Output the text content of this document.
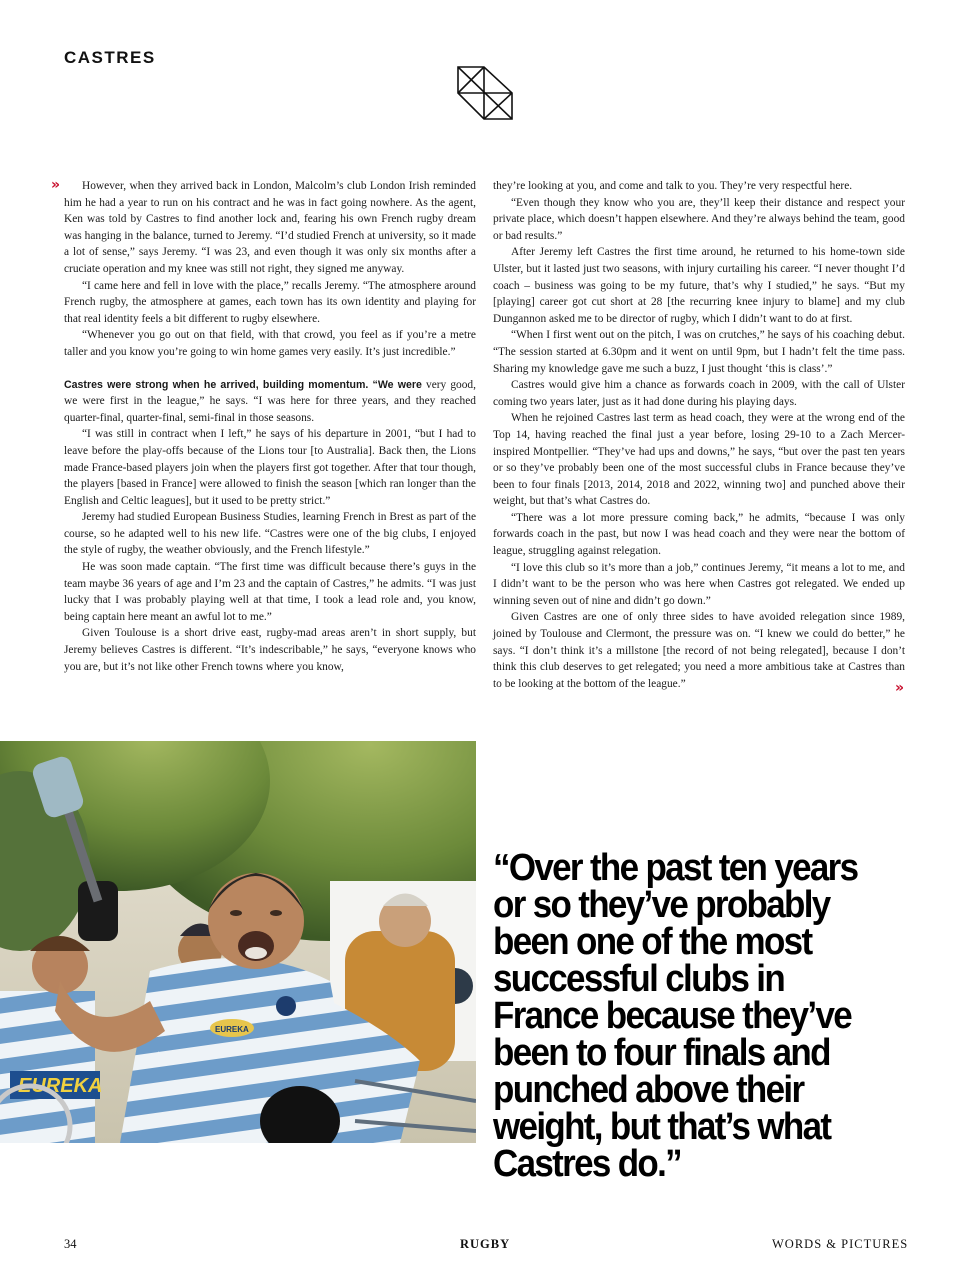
CASTRES
»	However, when they arrived back in London, Malcolm’s club London Irish reminded him he had a year to run on his contract and he was in fact going nowhere. As the agent, Ken was told by Castres to find another lock and, fearing his own French rugby dream was hanging in the balance, turned to Jeremy. “I’d studied French at university, so it made a lot of sense,” says Jeremy. “I was 23, and even though it was only six months after a cruciate operation and my knee was still not right, they signed me anyway.

“I came here and fell in love with the place,” recalls Jeremy. “The atmosphere around French rugby, the atmosphere at games, each town has its own identity and playing for that real identity feels a bit different to rugby elsewhere.

“Whenever you go out on that field, with that crowd, you feel as if you’re a metre taller and you know you’re going to win home games very easily. It’s just incredible.”

Castres were strong when he arrived, building momentum. “We were very good, we were first in the league,” he says. “I was here for three years, and they reached quarter-final, quarter-final, semi-final in those seasons.

“I was still in contract when I left,” he says of his departure in 2001, “but I had to leave before the play-offs because of the Lions tour [to Australia]. Back then, the Lions made France-based players join when the players first got together. After that tour though, the players [based in France] were allowed to finish the season [which ran longer than the English and Celtic leagues], but it used to be pretty strict.”

Jeremy had studied European Business Studies, learning French in Brest as part of the course, so he adapted well to his new life. “Castres were one of the big clubs, I enjoyed the style of rugby, the weather obviously, and the French lifestyle.”

He was soon made captain. “The first time was difficult because there’s guys in the team maybe 36 years of age and I’m 23 and the captain of Castres,” he admits. “I was just lucky that I was probably playing well at that time, I took a lead role and, you know, being captain here meant an awful lot to me.”

Given Toulouse is a short drive east, rugby-mad areas aren’t in short supply, but Jeremy believes Castres is different. “It’s indescribable,” he says, “everyone knows who you are, but it’s not like other French towns where you know,

they’re looking at you, and come and talk to you. They’re very respectful here.

“Even though they know who you are, they’ll keep their distance and respect your private place, which doesn’t happen elsewhere. And they’re always behind the team, good or bad results.”

After Jeremy left Castres the first time around, he returned to his home-town side Ulster, but it lasted just two seasons, with injury curtailing his career. “I never thought I’d coach – business was going to be my future, that’s why I studied,” he says. “But my [playing] career got cut short at 28 [the recurring knee injury to blame] and my club Dungannon asked me to be director of rugby, which I didn’t want to do at first.

“When I first went out on the pitch, I was on crutches,” he says of his coaching debut. “The session started at 6.30pm and it went on until 9pm, but I hadn’t felt the time pass. Sharing my knowledge gave me such a buzz, I just thought ‘this is class’.”

Castres would give him a chance as forwards coach in 2009, with the call of Ulster coming two years later, just as it had done during his playing days.

When he rejoined Castres last term as head coach, they were at the wrong end of the Top 14, having reached the final just a year before, losing 29-10 to a Zach Mercer-inspired Montpellier. “They’ve had ups and downs,” he says, “but over the past ten years or so they’ve probably been one of the most successful clubs in France because they’ve been to four finals [2013, 2014, 2018 and 2022, winning two] and punched above their weight, but that’s what Castres do.

“There was a lot more pressure coming back,” he admits, “because I was only forwards coach in the past, but now I was head coach and they were near the bottom of league, struggling against relegation.

“I love this club so it’s more than a job,” continues Jeremy, “it means a lot to me, and I didn’t want to be the person who was here when Castres got relegated. We ended up winning seven out of nine and didn’t go down.”

Given Castres are one of only three sides to have avoided relegation since 1989, joined by Toulouse and Clermont, the pressure was on. “I knew we could do better,” he says. “I don’t think it’s a millstone [the record of not being relegated], because I don’t think this club deserves to get relegated; you need a more ambitious take at Castres than to be looking at the bottom of the league.”	»
EUREKA
EUREKA
“Over the past ten years or so they’ve probably been one of the most successful clubs in France because they’ve been to four finals and punched above their weight, but that’s what Castres do.”
34	RUGBY	WORDS & PICTURES
